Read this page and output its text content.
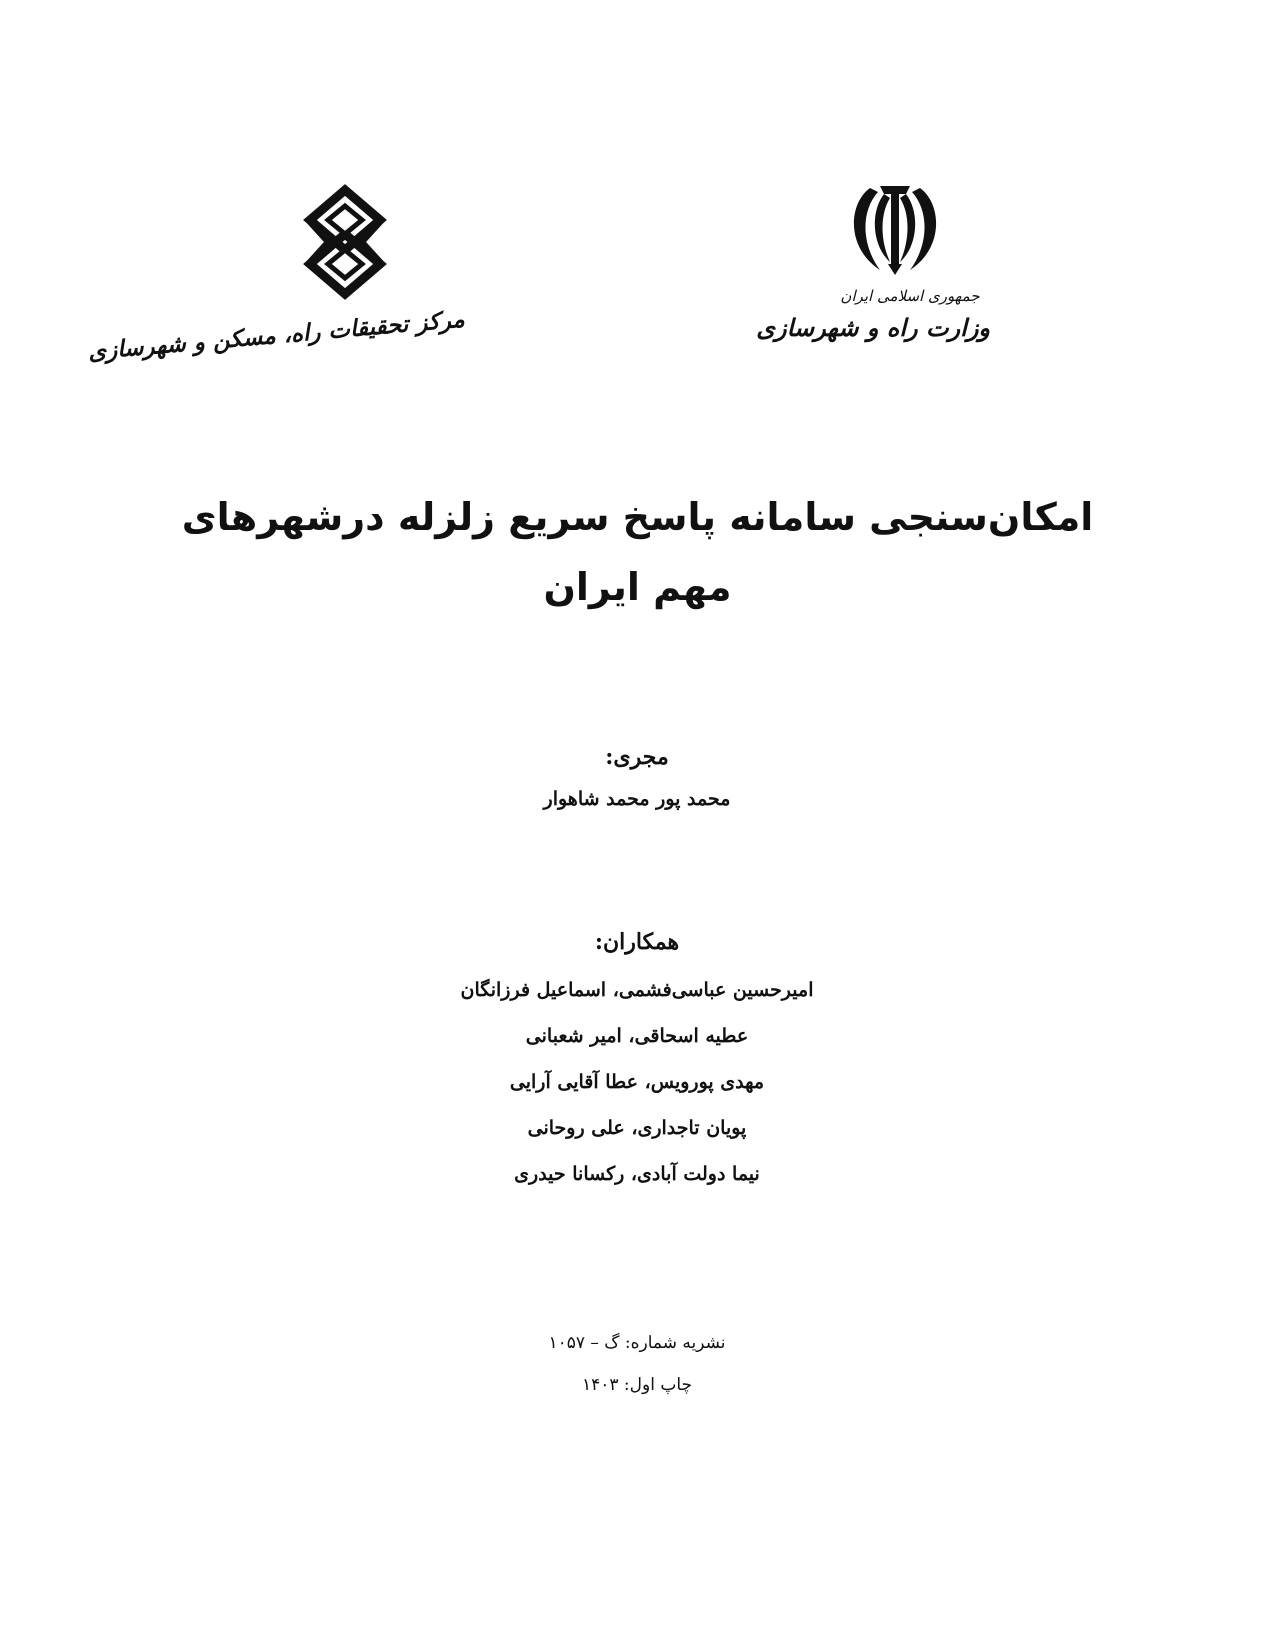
مرکز تحقیقات راه، مسکن و شهرسازی
جمهوری اسلامی ایران
وزارت راه و شهرسازی
امکان‌سنجی سامانه پاسخ سریع زلزله درشهرهای
مهم ایران
مجری:
محمد پور محمد شاهوار
همکاران:
امیرحسین عباسی‌فشمی، اسماعیل فرزانگان
عطیه اسحاقی، امیر شعبانی
مهدی پورویس، عطا آقایی آرایی
پویان تاجداری، علی روحانی
نیما دولت آبادی، رکسانا حیدری
نشریه شماره: گ – ۱۰۵۷
چاپ اول: ۱۴۰۳
